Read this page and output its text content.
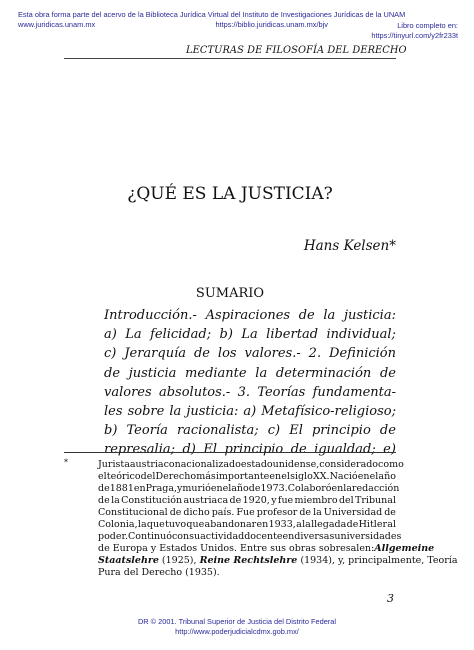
Esta obra forma parte del acervo de la Biblioteca Jurídica Virtual del Instituto de Investigaciones Jurídicas de la UNAM
www.juridicas.unam.mx	https://biblio.juridicas.unam.mx/bjv	Libro completo en:
https://tinyurl.com/y2fr233t
LECTURAS DE FILOSOFÍA DEL DERECHO
¿QUÉ ES LA JUSTICIA?
Hans Kelsen*
SUMARIO
Introducción.- Aspiraciones de la justicia:
a) La felicidad; b) La libertad individual;
c) Jerarquía de los valores.- 2. Definición
de justicia mediante la determinación de
valores absolutos.- 3. Teorías fundamenta-
les sobre la justicia: a) Metafísico-religioso;
b) Teoría racionalista; c) El principio de
represalia; d) El principio de igualdad; e)
*	Jurista austriaco nacionalizado estadounidense, considerado como
el teórico del Derecho más importante en el siglo XX. Nació en el año
de 1881 en Praga, y murió en el año de 1973. Colaboró en la redacción
de la Constitución austriaca de 1920, y fue miembro del Tribunal
Constitucional de dicho país. Fue profesor de la Universidad de
Colonia, la que tuvo que abandonar en 1933, a la llegada de Hitler al
poder. Continuó con su actividad docente en diversas universidades
de Europa y Estados Unidos. Entre sus obras sobresalen: Allgemeine
Staatslehre (1925), Reine Rechtslehre (1934), y, principalmente, Teoría
Pura del Derecho (1935).
3
DR © 2001. Tribunal Superior de Justicia del Distrito Federal
http://www.poderjudicialcdmx.gob.mx/
